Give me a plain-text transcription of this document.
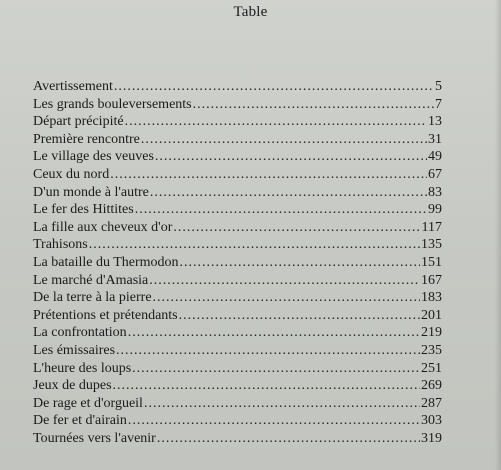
Table
Avertissement .....	5
Les grands bouleversements .....	7
Départ précipité .....	13
Première rencontre .....	31
Le village des veuves .....	49
Ceux du nord .....	67
D'un monde à l'autre .....	83
Le fer des Hittites .....	99
La fille aux cheveux d'or .....	117
Trahisons .....	135
La bataille du Thermodon .....	151
Le marché d'Amasia .....	167
De la terre à la pierre .....	183
Prétentions et prétendants .....	201
La confrontation .....	219
Les émissaires .....	235
L'heure des loups .....	251
Jeux de dupes .....	269
De rage et d'orgueil .....	287
De fer et d'airain .....	303
Tournées vers l'avenir .....	319
